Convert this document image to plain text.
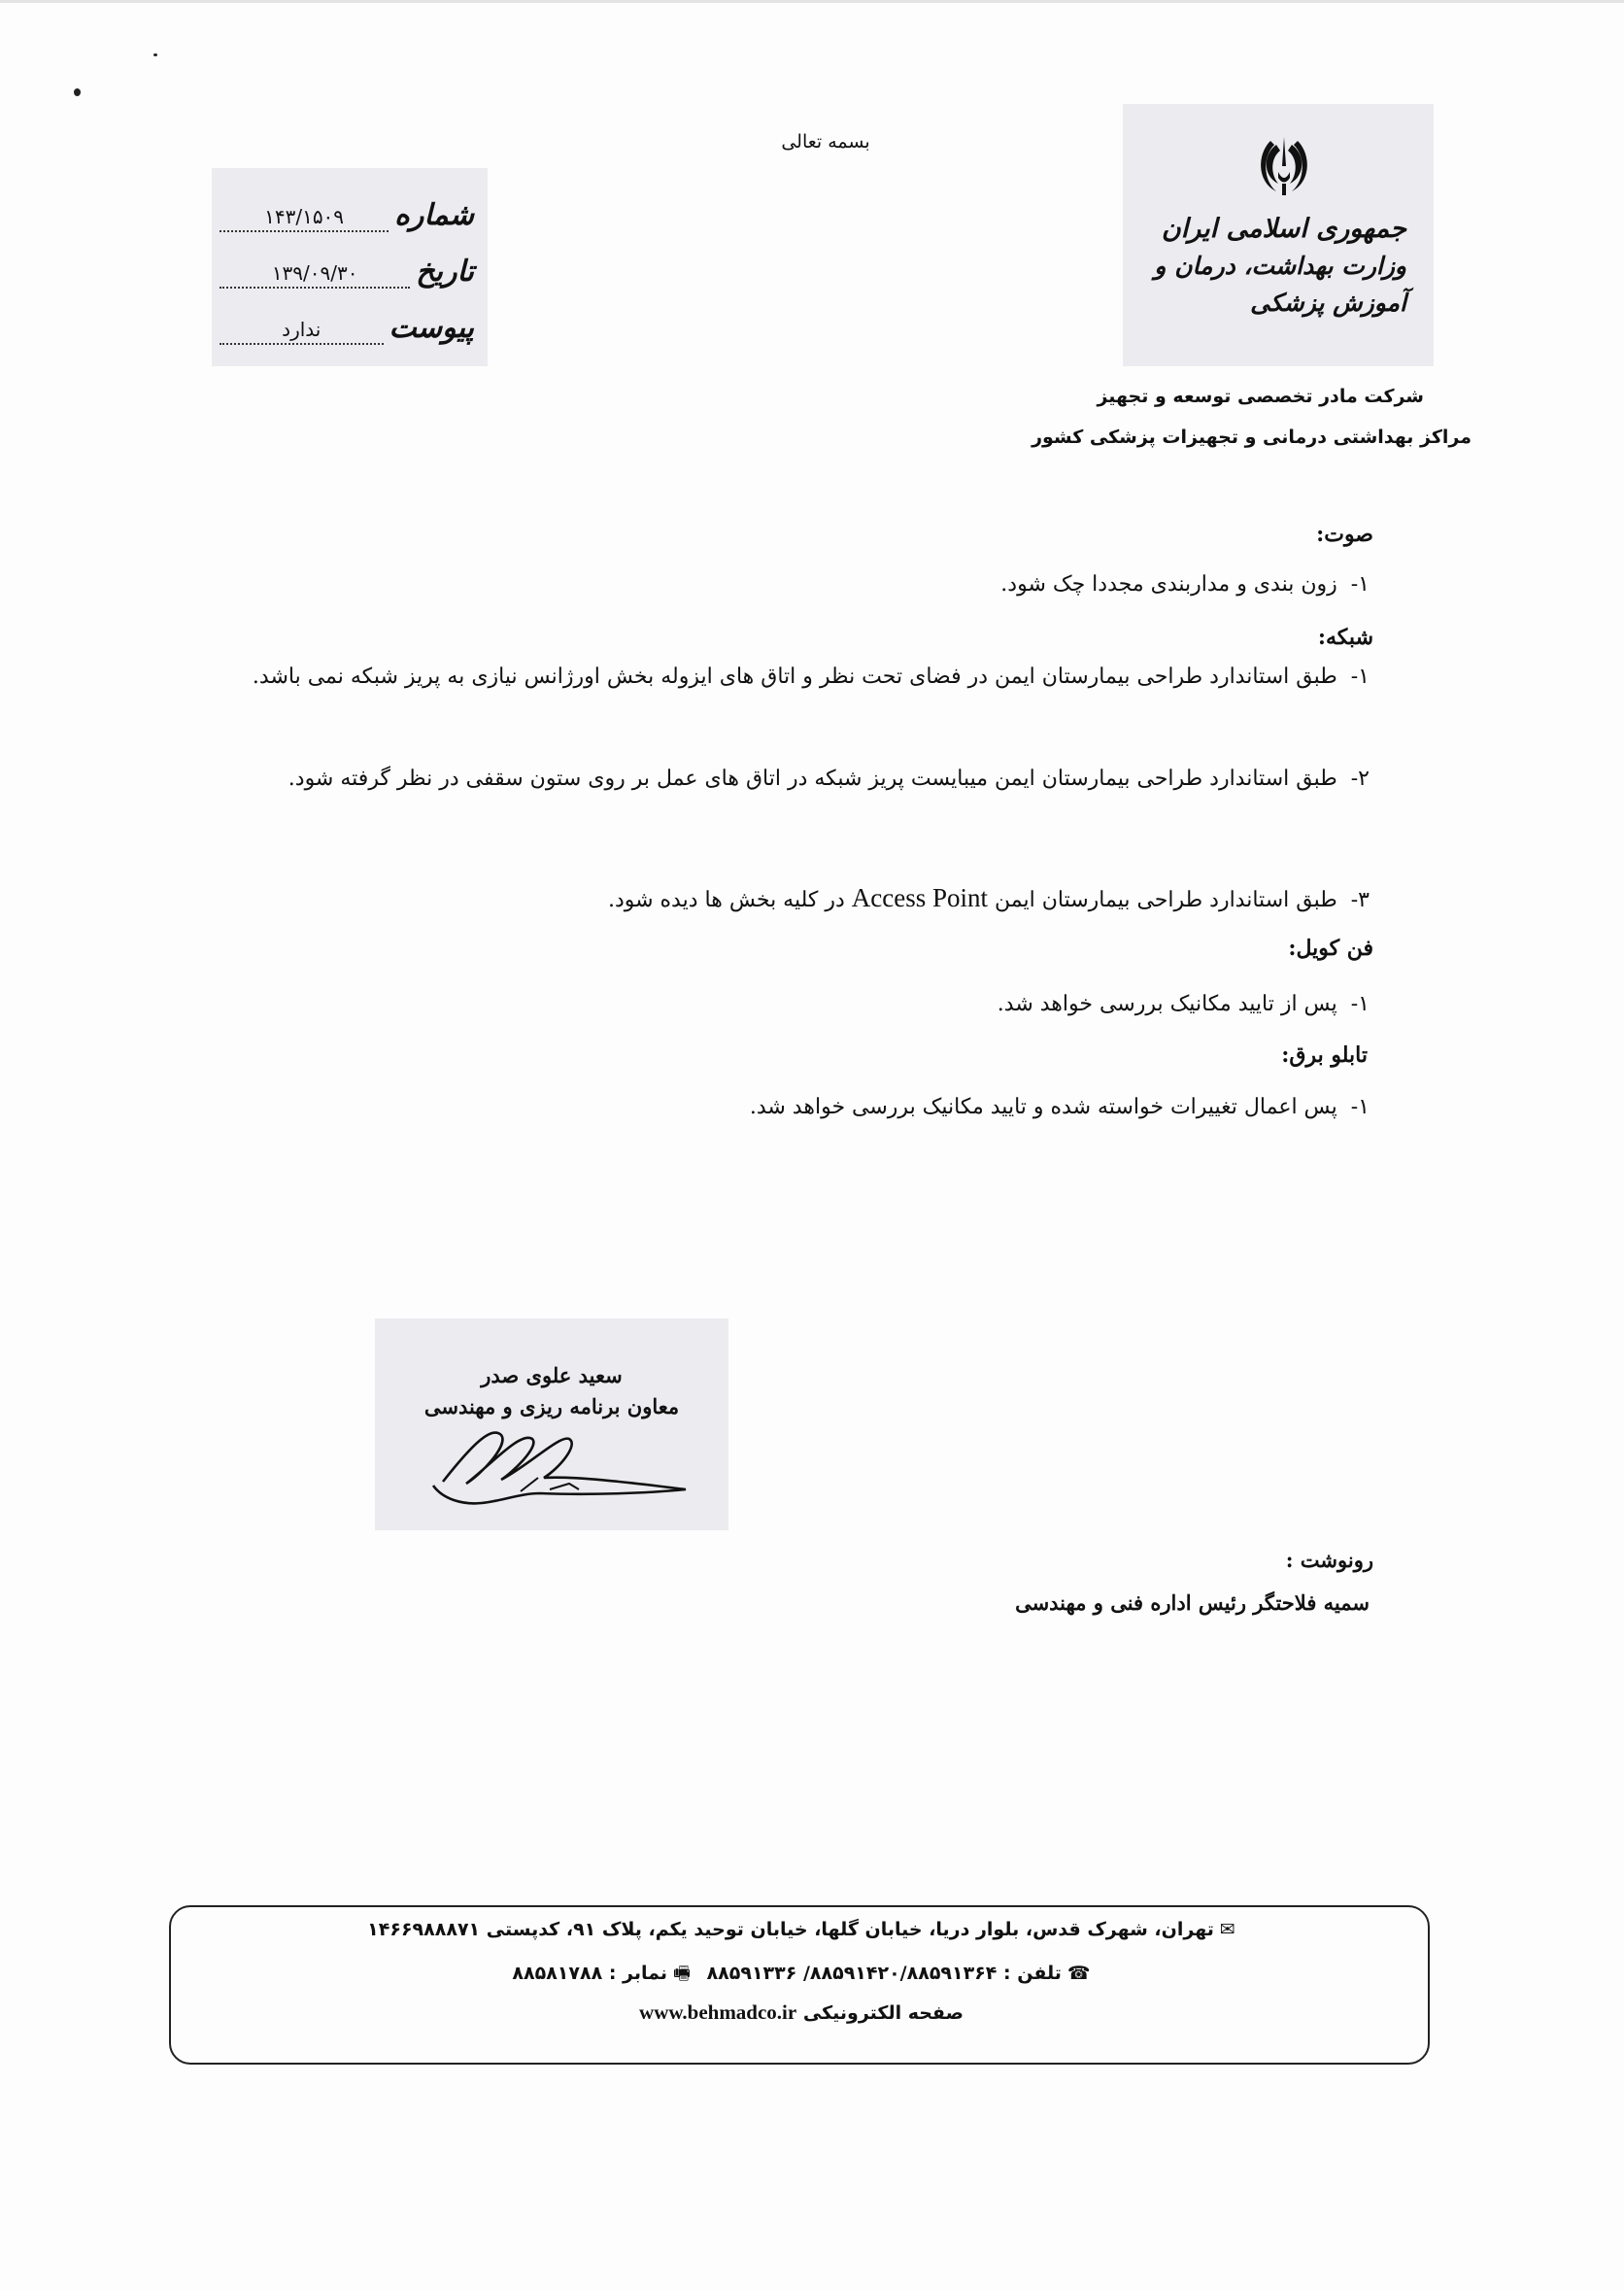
بسمه تعالی
جمهوری اسلامی ایران
وزارت بهداشت، درمان و آموزش پزشکی
شماره
۱۴۳/۱۵۰۹
تاریخ
۱۳۹/۰۹/۳۰
پیوست
ندارد
شرکت مادر تخصصی توسعه و تجهیز
مراکز بهداشتی درمانی و تجهیزات پزشکی کشور
صوت:
۱-زون بندی و مداربندی مجددا چک شود.
شبکه:
۱-طبق استاندارد طراحی بیمارستان ایمن در فضای تحت نظر و اتاق های ایزوله بخش اورژانس نیازی به پریز شبکه نمی باشد.
۲-طبق استاندارد طراحی بیمارستان ایمن میبایست پریز شبکه در اتاق های عمل بر روی ستون سقفی در نظر گرفته شود.
۳-طبق استاندارد طراحی بیمارستان ایمن Access Point در کلیه بخش ها دیده شود.
فن کویل:
۱-پس از تایید مکانیک بررسی خواهد شد.
تابلو برق:
۱-پس اعمال تغییرات خواسته شده و تایید مکانیک بررسی خواهد شد.
سعید علوی صدر
معاون برنامه ریزی و مهندسی
رونوشت :
سمیه فلاحتگر رئیس اداره فنی و مهندسی
✉تهران، شهرک قدس، بلوار دریا، خیابان گلها، خیابان توحید یکم، پلاک ۹۱، کدپستی ۱۴۶۶۹۸۸۸۷۱
☎تلفن : ۸۸۵۹۱۴۲۰/۸۸۵۹۱۳۶۴/ ۸۸۵۹۱۳۳۶ 🖷نمابر : ۸۸۵۸۱۷۸۸
صفحه الکترونیکی www.behmadco.ir
